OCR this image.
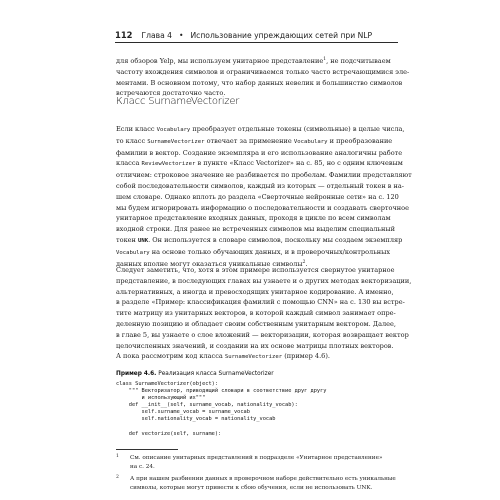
112 Глава 4 • Использование упреждающих сетей при NLP

для обзоров Yelp, мы используем унитарное представление$^1$, не подсчитываем
частоту вхождения символов и ограничиваемся только часто встречающимися эле-
ментами. В основном потому, что набор данных невелик и большинство символов
встречаются достаточно часто.

Класс SurnameVectorizer

Если класс Vocabulary преобразует отдельные токены (символьные) в целые числа,
то класс SurnameVectorizer отвечает за применение Vocabulary и преобразование
фамилии в вектор. Создание экземпляра и его использование аналогичны работе
класса ReviewVectorizer в пункте «Класс Vectorizer» на с. 85, но с одним ключевым
отличием: строковое значение не разбивается по пробелам. Фамилии представляют
собой последовательности символов, каждый из которых — отдельный токен в на-
шем словаре. Однако вплоть до раздела «Сверточные нейронные сети» на с. 120
мы будем игнорировать информацию о последовательности и создавать сверточное
унитарное представление входных данных, проходя в цикле по всем символам
входной строки. Для ранее не встреченных символов мы выделим специальный
токен UNK. Он используется в словаре символов, поскольку мы создаем экземпляр
Vocabulary на основе только обучающих данных, и в проверочных/контрольных
данных вполне могут оказаться уникальные символы$^2$.

Следует заметить, что, хотя в этом примере используется свернутое унитарное
представление, в последующих главах вы узнаете и о других методах векторизации,
альтернативных, а иногда и превосходящих унитарное кодирование. А именно,
в разделе «Пример: классификация фамилий с помощью CNN» на с. 130 вы встре-
тите матрицу из унитарных векторов, в которой каждый символ занимает опре-
деленную позицию и обладает своим собственным унитарным вектором. Далее,
в главе 5, вы узнаете о слое вложений — векторизации, которая возвращает вектор
целочисленных значений, и создании на их основе матрицы плотных векторов.
А пока рассмотрим код класса SurnameVectorizer (пример 4.6).

Пример 4.6. Реализация класса SurnameVectorizer
class SurnameVectorizer(object):
""" Векторизатор, приводящий словари в соответствие друг другу
и использующий их"""
def __init__(self, surname_vocab, nationality_vocab):
self.surname_vocab = surname_vocab
self.nationality_vocab = nationality_vocab

def vectorize(self, surname):
1	См. описание унитарных представлений в подразделе «Унитарное представление»
на с. 24.
2	А при нашем разбиении данных в проверочном наборе действительно есть уникальные
символы, которые могут привести к сбою обучения, если не использовать UNK.
